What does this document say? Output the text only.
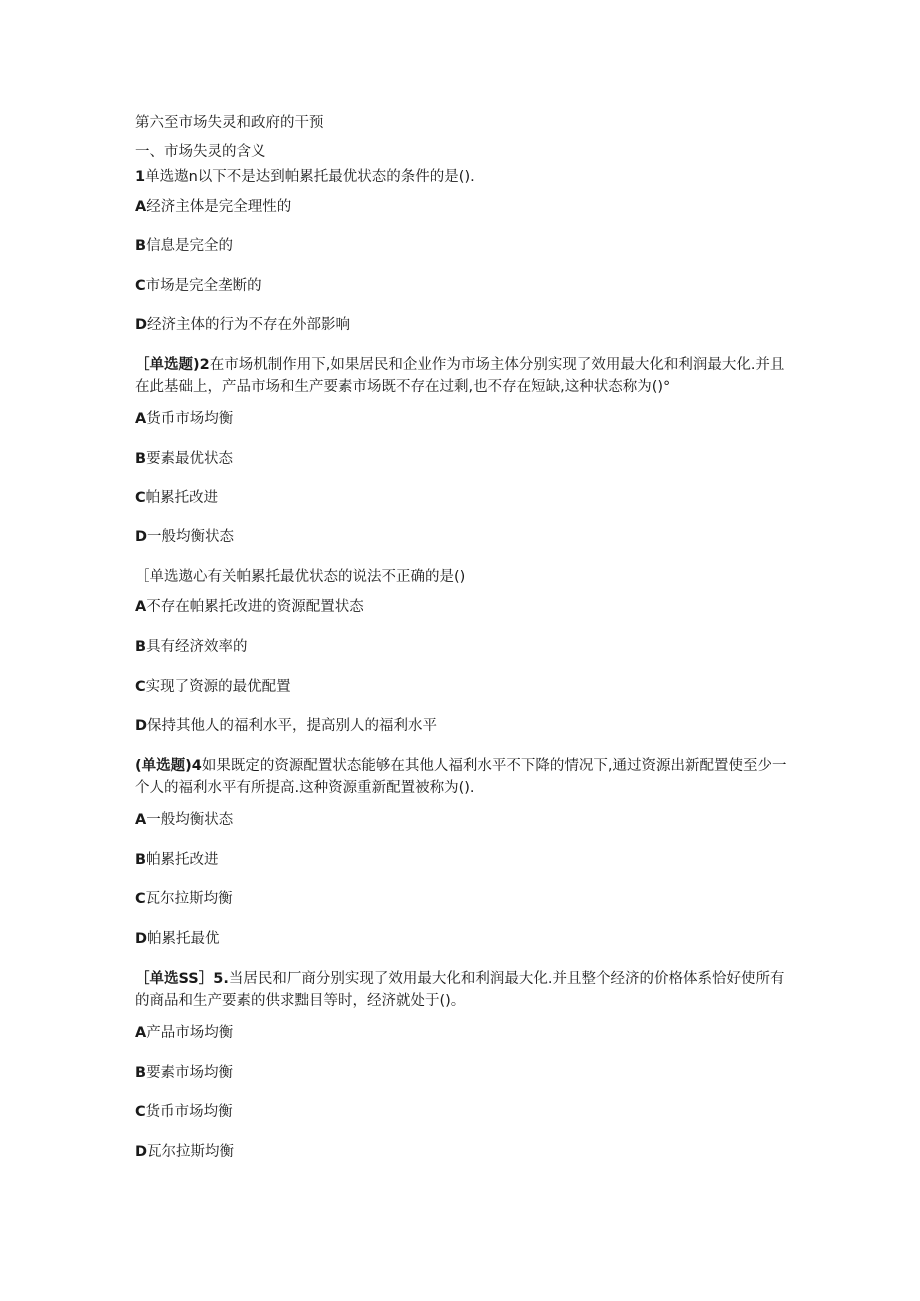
第六至市场失灵和政府的干预
一、市场失灵的含义
1单选遨n以下不是达到帕累托最优状态的条件的是().
A经济主体是完全理性的
B信息是完全的
C市场是完全垄断的
D经济主体的行为不存在外部影响
［单选题)2在市场机制作用下,如果居民和企业作为市场主体分别实现了效用最大化和利润最大化.并且在此基础上，产品市场和生产要素市场既不存在过剩,也不存在短缺,这种状态称为()°
A货币市场均衡
B要素最优状态
C帕累托改进
D一般均衡状态
［单选遨心有关帕累托最优状态的说法不正确的是()
A不存在帕累托改进的资源配置状态
B具有经济效率的
C实现了资源的最优配置
D保持其他人的福利水平，提高别人的福利水平
(单选题)4如果既定的资源配置状态能够在其他人福利水平不下降的情况下,通过资源出新配置使至少一个人的福利水平有所提高.这种资源重新配置被称为().
A一般均衡状态
B帕累托改进
C瓦尔拉斯均衡
D帕累托最优
［单选SS］5.当居民和厂商分别实现了效用最大化和利润最大化.并且整个经济的价格体系恰好使所有的商品和生产要素的供求黜目等时，经济就处于()。
A产品市场均衡
B要素市场均衡
C货币市场均衡
D瓦尔拉斯均衡
